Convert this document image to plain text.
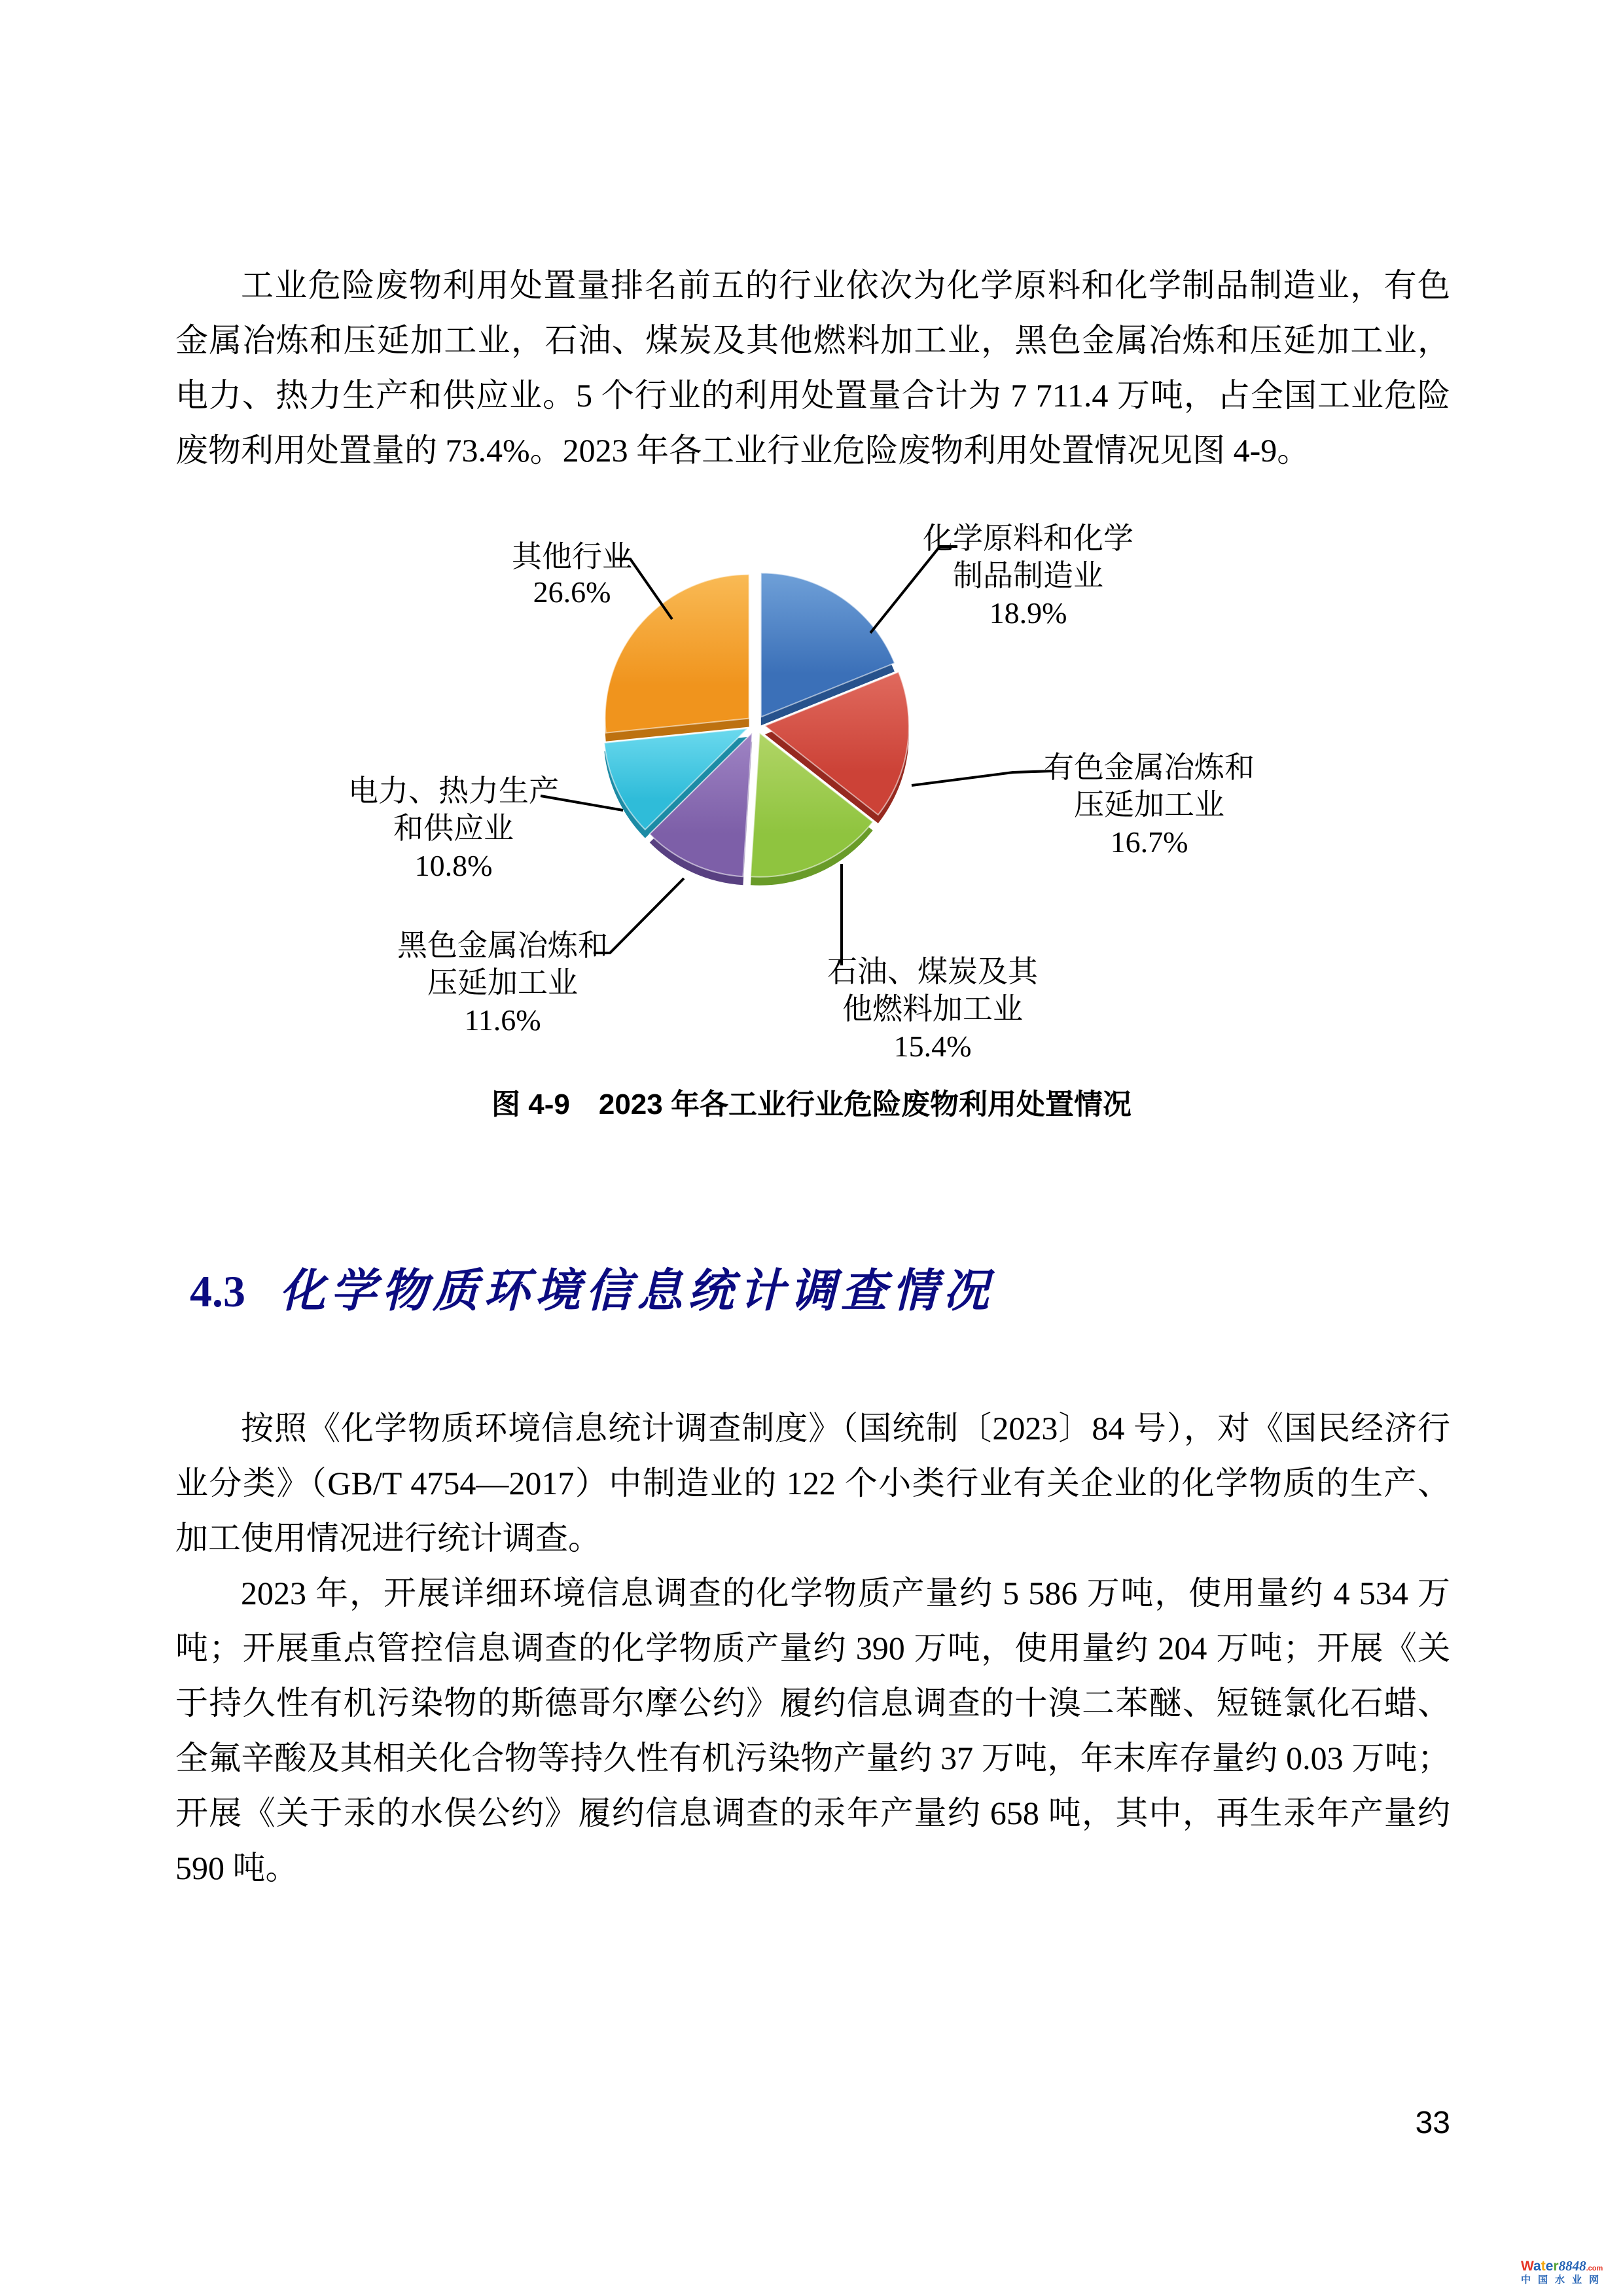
工业危险废物利用处置量排名前五的行业依次为化学原料和化学制品制造业，有色金属冶炼和压延加工业，石油、煤炭及其他燃料加工业，黑色金属冶炼和压延加工业，电力、热力生产和供应业。5 个行业的利用处置量合计为 7 711.4 万吨，占全国工业危险废物利用处置量的 73.4%。2023 年各工业行业危险废物利用处置情况见图 4-9。

化学原料和化学
制品制造业
18.9%
有色金属冶炼和
压延加工业
16.7%
石油、煤炭及其
他燃料加工业
15.4%
黑色金属冶炼和
压延加工业
11.6%
电力、热力生产
和供应业
10.8%
其他行业
26.6%
图 4-9　2023 年各工业行业危险废物利用处置情况
4.3 化学物质环境信息统计调查情况

按照《化学物质环境信息统计调查制度》（国统制〔2023〕84 号），对《国民经济行业分类》（GB/T 4754—2017）中制造业的 122 个小类行业有关企业的化学物质的生产、加工使用情况进行统计调查。

2023 年，开展详细环境信息调查的化学物质产量约 5 586 万吨，使用量约 4 534 万吨；开展重点管控信息调查的化学物质产量约 390 万吨，使用量约 204 万吨；开展《关于持久性有机污染物的斯德哥尔摩公约》履约信息调查的十溴二苯醚、短链氯化石蜡、全氟辛酸及其相关化合物等持久性有机污染物产量约 37 万吨，年末库存量约 0.03 万吨；开展《关于汞的水俣公约》履约信息调查的汞年产量约 658 吨，其中，再生汞年产量约 590 吨。

33
Water8848.com
中国水业网
